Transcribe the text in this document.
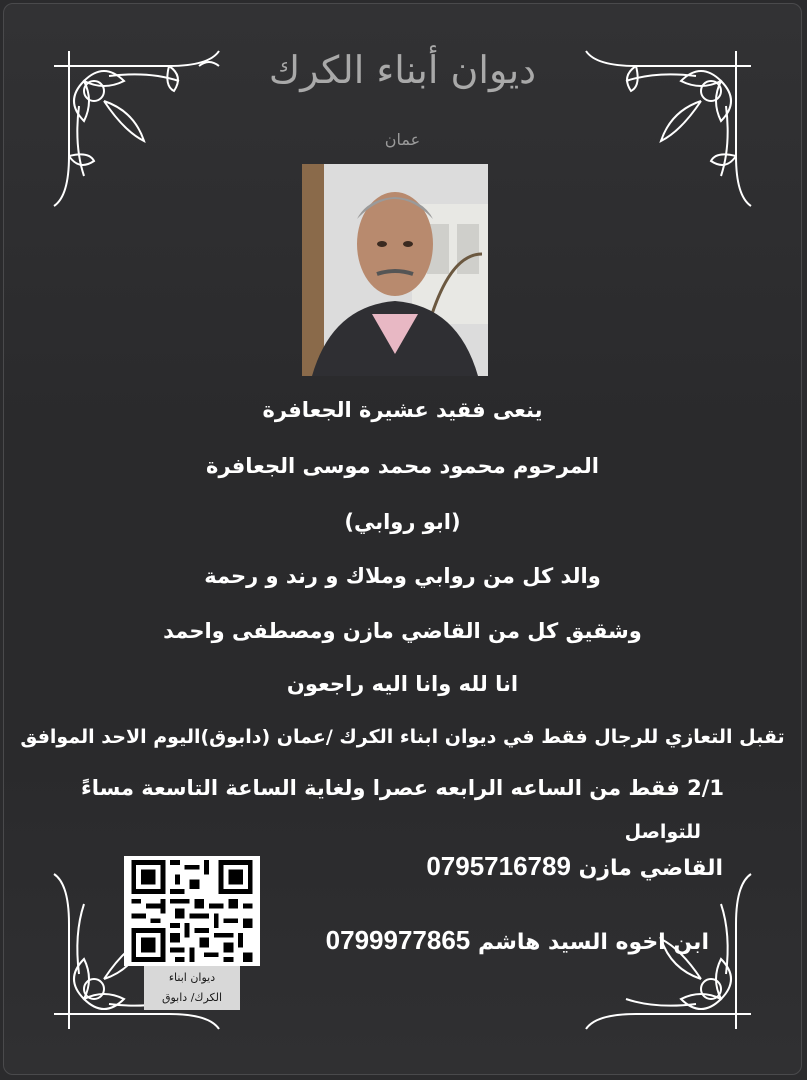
ديوان أبناء الكرك
عمان
ينعى فقيد عشيرة الجعافرة
المرحوم محمود محمد موسى الجعافرة
(ابو روابي)
والد كل من روابي وملاك و رند و رحمة
وشقيق كل من القاضي مازن ومصطفى واحمد
انا لله وانا اليه راجعون
تقبل التعازي للرجال فقط في ديوان ابناء الكرك /عمان (دابوق)اليوم الاحد الموافق
2/1 فقط من الساعه الرابعه عصرا ولغاية الساعة التاسعة مساءً
للتواصل
القاضي مازن 0795716789
ابن اخوه السيد هاشم 0799977865
ديوان ابناء
الكرك/ دابوق
